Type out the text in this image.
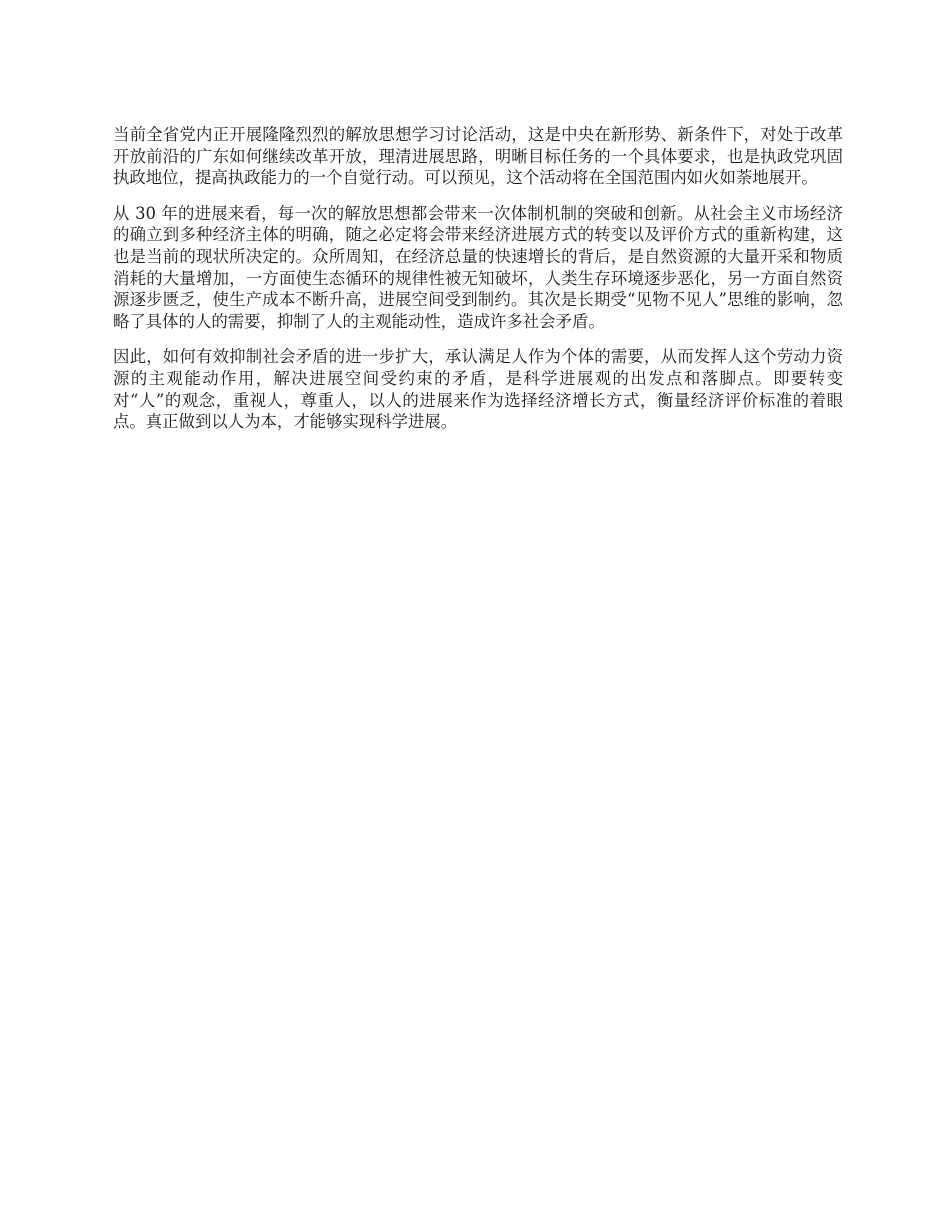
当前全省党内正开展隆隆烈烈的解放思想学习讨论活动，这是中央在新形势、新条件下，对处于改革开放前沿的广东如何继续改革开放，理清进展思路，明晰目标任务的一个具体要求，也是执政党巩固执政地位，提高执政能力的一个自觉行动。可以预见，这个活动将在全国范围内如火如荼地展开。

从 30 年的进展来看，每一次的解放思想都会带来一次体制机制的突破和创新。从社会主义市场经济的确立到多种经济主体的明确，随之必定将会带来经济进展方式的转变以及评价方式的重新构建，这也是当前的现状所决定的。众所周知，在经济总量的快速增长的背后，是自然资源的大量开采和物质消耗的大量增加，一方面使生态循环的规律性被无知破坏，人类生存环境逐步恶化，另一方面自然资源逐步匮乏，使生产成本不断升高，进展空间受到制约。其次是长期受“见物不见人”思维的影响，忽略了具体的人的需要，抑制了人的主观能动性，造成许多社会矛盾。

因此，如何有效抑制社会矛盾的进一步扩大，承认满足人作为个体的需要，从而发挥人这个劳动力资源的主观能动作用，解决进展空间受约束的矛盾，是科学进展观的出发点和落脚点。即要转变对“人”的观念，重视人，尊重人，以人的进展来作为选择经济增长方式，衡量经济评价标准的着眼点。真正做到以人为本，才能够实现科学进展。
